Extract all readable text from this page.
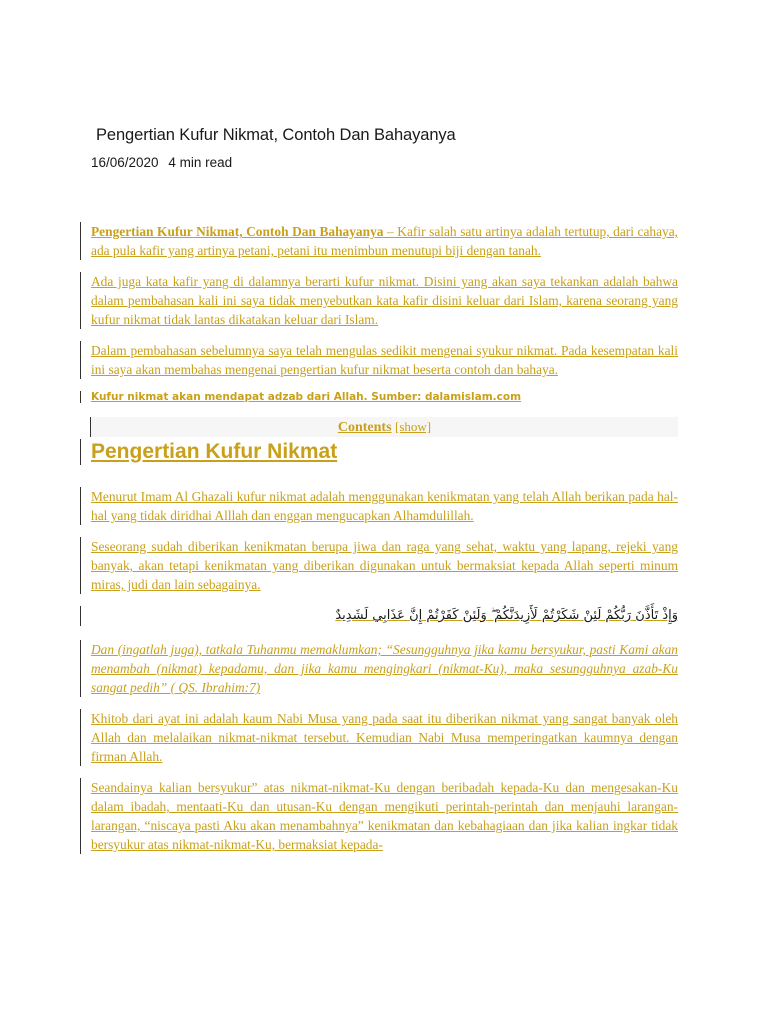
Pengertian Kufur Nikmat, Contoh Dan Bahayanya
16/06/2020 4 min read

Pengertian Kufur Nikmat, Contoh Dan Bahayanya – Kafir salah satu artinya adalah tertutup, dari cahaya, ada pula kafir yang artinya petani, petani itu menimbun menutupi biji dengan tanah.

Ada juga kata kafir yang di dalamnya berarti kufur nikmat. Disini yang akan saya tekankan adalah bahwa dalam pembahasan kali ini saya tidak menyebutkan kata kafir disini keluar dari Islam, karena seorang yang kufur nikmat tidak lantas dikatakan keluar dari Islam.

Dalam pembahasan sebelumnya saya telah mengulas sedikit mengenai syukur nikmat. Pada kesempatan kali ini saya akan membahas mengenai pengertian kufur nikmat beserta contoh dan bahaya.

Kufur nikmat akan mendapat adzab dari Allah. Sumber: dalamislam.com
Contents [show]
Pengertian Kufur Nikmat

Menurut Imam Al Ghazali kufur nikmat adalah menggunakan kenikmatan yang telah Allah berikan pada hal-hal yang tidak diridhai Alllah dan enggan mengucapkan Alhamdulillah.

Seseorang sudah diberikan kenikmatan berupa jiwa dan raga yang sehat, waktu yang lapang, rejeki yang banyak, akan tetapi kenikmatan yang diberikan digunakan untuk bermaksiat kepada Allah seperti minum miras, judi dan lain sebagainya.

وَإِذْ تَأَذَّنَ رَبُّكُمْ لَئِنْ شَكَرْتُمْ لَأَزِيدَنَّكُمْ ۖ وَلَئِنْ كَفَرْتُمْ إِنَّ عَذَابِي لَشَدِيدٌ

Dan (ingatlah juga), tatkala Tuhanmu memaklumkan; “Sesungguhnya jika kamu bersyukur, pasti Kami akan menambah (nikmat) kepadamu, dan jika kamu mengingkari (nikmat-Ku), maka sesungguhnya azab-Ku sangat pedih” ( QS. Ibrahim:7)

Khitob dari ayat ini adalah kaum Nabi Musa yang pada saat itu diberikan nikmat yang sangat banyak oleh Allah dan melalaikan nikmat-nikmat tersebut. Kemudian Nabi Musa memperingatkan kaumnya dengan firman Allah.

Seandainya kalian bersyukur” atas nikmat-nikmat-Ku dengan beribadah kepada-Ku dan mengesakan-Ku dalam ibadah, mentaati-Ku dan utusan-Ku dengan mengikuti perintah-perintah dan menjauhi larangan-larangan, “niscaya pasti Aku akan menambahnya” kenikmatan dan kebahagiaan dan jika kalian ingkar tidak bersyukur atas nikmat-nikmat-Ku, bermaksiat kepada-
